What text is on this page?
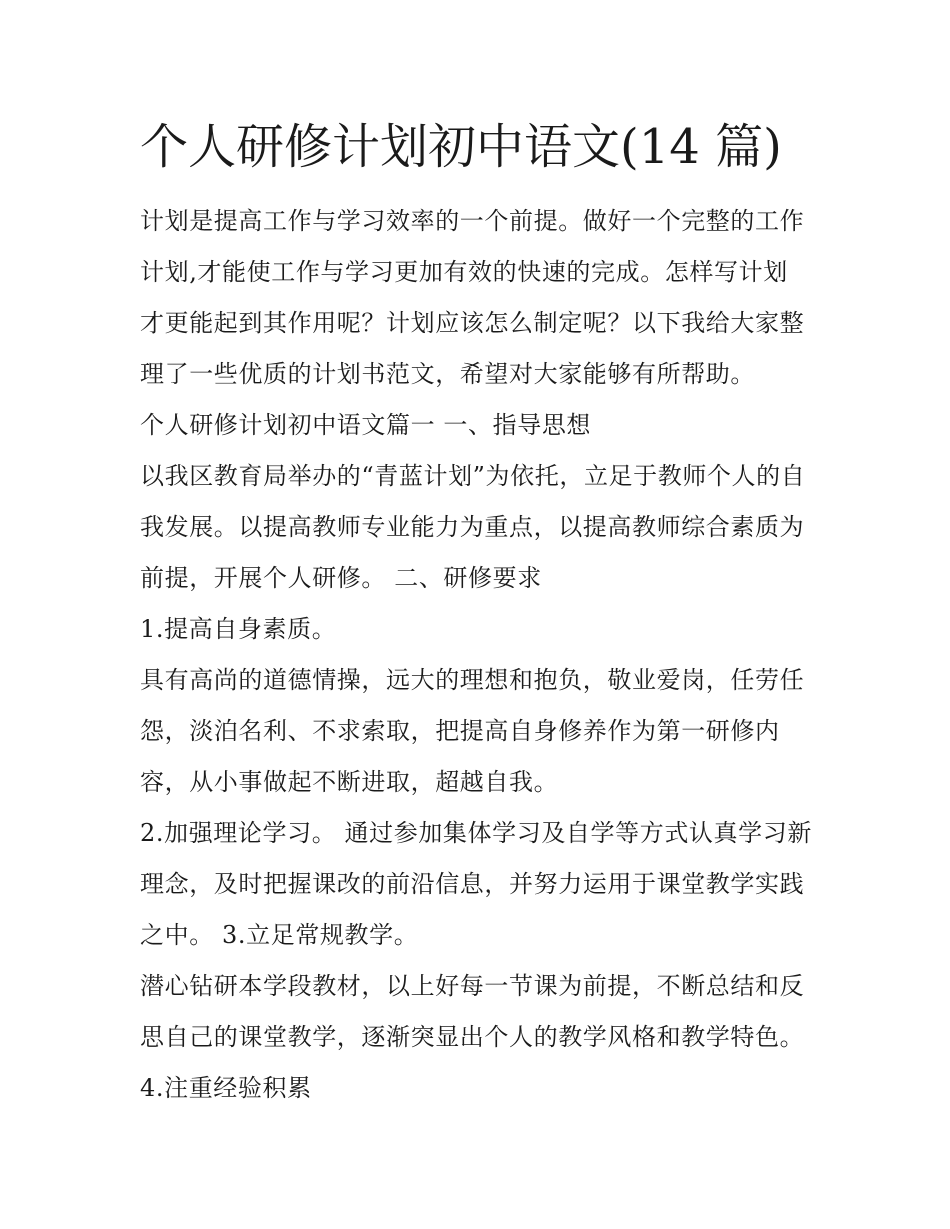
个人研修计划初中语文(14 篇)
计划是提高工作与学习效率的一个前提。做好一个完整的工作
计划,才能使工作与学习更加有效的快速的完成。怎样写计划
才更能起到其作用呢？计划应该怎么制定呢？以下我给大家整
理了一些优质的计划书范文，希望对大家能够有所帮助。
个人研修计划初中语文篇一 一、指导思想
以我区教育局举办的“青蓝计划”为依托，立足于教师个人的自
我发展。以提高教师专业能力为重点，以提高教师综合素质为
前提，开展个人研修。 二、研修要求
1.提高自身素质。
具有高尚的道德情操，远大的理想和抱负，敬业爱岗，任劳任
怨，淡泊名利、不求索取，把提高自身修养作为第一研修内
容，从小事做起不断进取，超越自我。
2.加强理论学习。 通过参加集体学习及自学等方式认真学习新
理念，及时把握课改的前沿信息，并努力运用于课堂教学实践
之中。 3.立足常规教学。
潜心钻研本学段教材，以上好每一节课为前提，不断总结和反
思自己的课堂教学，逐渐突显出个人的教学风格和教学特色。
4.注重经验积累
